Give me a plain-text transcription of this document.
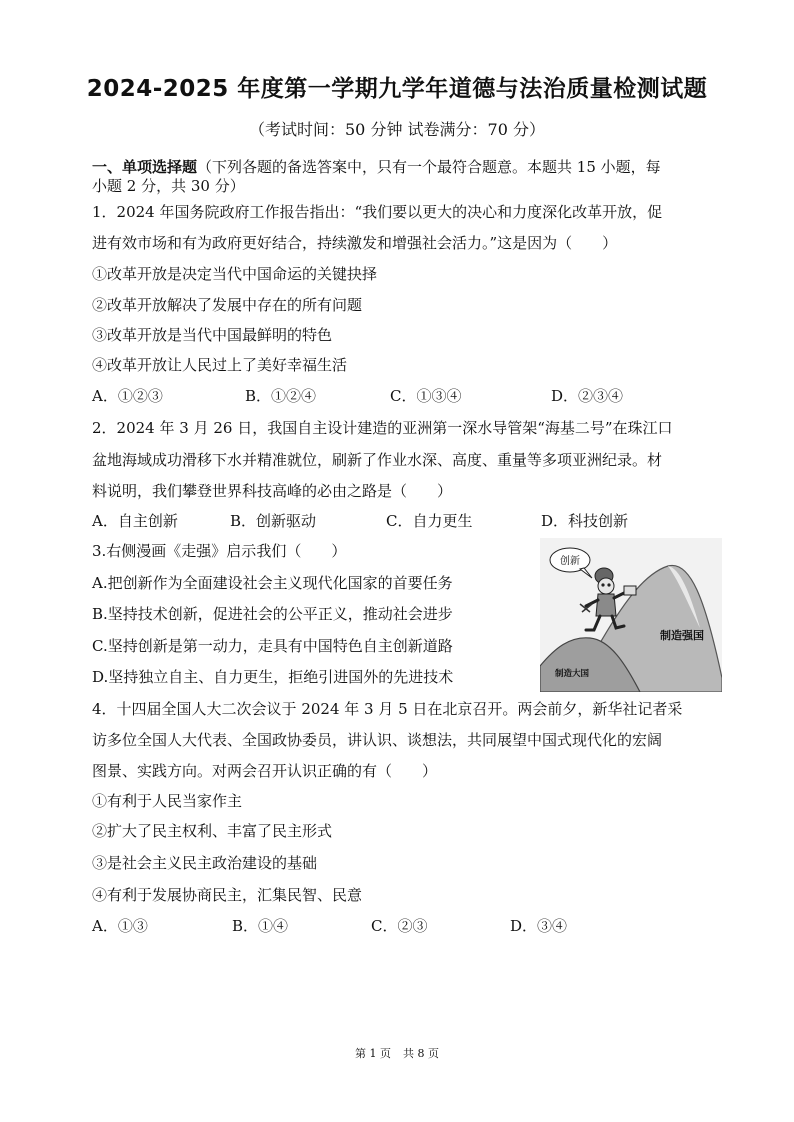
2024-2025 年度第一学期九学年道德与法治质量检测试题
（考试时间：50 分钟 试卷满分：70 分）
一、单项选择题（下列各题的备选答案中，只有一个最符合题意。本题共 15 小题，每
小题 2 分，共 30 分）
1．2024 年国务院政府工作报告指出：“我们要以更大的决心和力度深化改革开放，促
进有效市场和有为政府更好结合，持续激发和增强社会活力。”这是因为（　　）
①改革开放是决定当代中国命运的关键抉择
②改革开放解决了发展中存在的所有问题
③改革开放是当代中国最鲜明的特色
④改革开放让人民过上了美好幸福生活
A．①②③	B．①②④	C．①③④	D．②③④
2．2024 年 3 月 26 日，我国自主设计建造的亚洲第一深水导管架“海基二号”在珠江口
盆地海域成功滑移下水并精准就位，刷新了作业水深、高度、重量等多项亚洲纪录。材
料说明，我们攀登世界科技高峰的必由之路是（　　）
A．自主创新	B．创新驱动	C．自力更生	D．科技创新
3.右侧漫画《走强》启示我们（　　）
A.把创新作为全面建设社会主义现代化国家的首要任务
B.坚持技术创新，促进社会的公平正义，推动社会进步
C.坚持创新是第一动力，走具有中国特色自主创新道路
D.坚持独立自主、自力更生，拒绝引进国外的先进技术
创新
制造强国
制造大国
4．十四届全国人大二次会议于 2024 年 3 月 5 日在北京召开。两会前夕，新华社记者采
访多位全国人大代表、全国政协委员，讲认识、谈想法，共同展望中国式现代化的宏阔
图景、实践方向。对两会召开认识正确的有（　　）
①有利于人民当家作主
②扩大了民主权利、丰富了民主形式
③是社会主义民主政治建设的基础
④有利于发展协商民主，汇集民智、民意
A．①③	B．①④	C．②③	D．③④
第 1 页 共 8 页
